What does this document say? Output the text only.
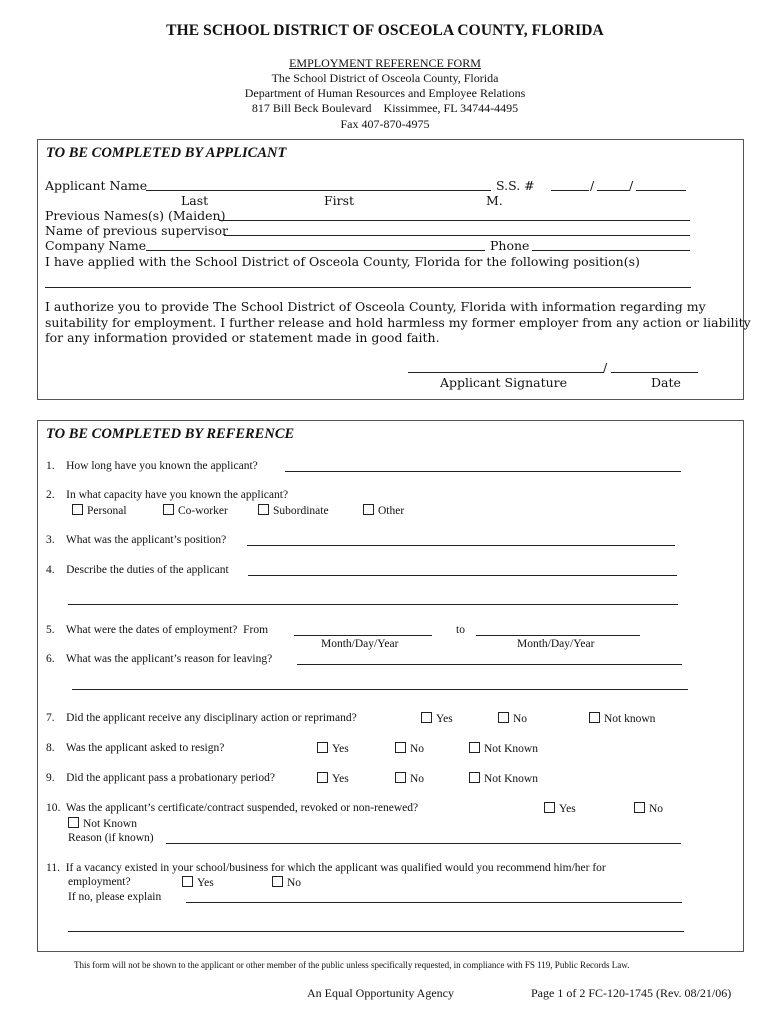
THE SCHOOL DISTRICT OF OSCEOLA COUNTY, FLORIDA
EMPLOYMENT REFERENCE FORM
The School District of Osceola County, Florida
Department of Human Resources and Employee Relations
817 Bill Beck Boulevard    Kissimmee, FL 34744-4495
Fax 407-870-4975
TO BE COMPLETED BY APPLICANT
Applicant Name	S.S. #	/	/
Last	First	M.
Previous Names(s) (Maiden)
Name of previous supervisor
Company Name	Phone
I have applied with the School District of Osceola County, Florida for the following position(s)
I authorize you to provide The School District of Osceola County, Florida with information regarding my
suitability for employment. I further release and hold harmless my former employer from any action or liability
for any information provided or statement made in good faith.
/
Applicant Signature	Date
TO BE COMPLETED BY REFERENCE
1.    How long have you known the applicant?
2.    In what capacity have you known the applicant?
Personal	Co-worker	Subordinate	Other
3.    What was the applicant’s position?
4.    Describe the duties of the applicant
5.    What were the dates of employment?  From	to
Month/Day/Year	Month/Day/Year
6.    What was the applicant’s reason for leaving?
7.    Did the applicant receive any disciplinary action or reprimand?	Yes	No	Not known
8.    Was the applicant asked to resign?	Yes	No	Not Known
9.    Did the applicant pass a probationary period?	Yes	No	Not Known
10.  Was the applicant’s certificate/contract suspended, revoked or non-renewed?	Yes	No
Not Known
Reason (if known)
11.  If a vacancy existed in your school/business for which the applicant was qualified would you recommend him/her for
employment?	Yes	No
If no, please explain
This form will not be shown to the applicant or other member of the public unless specifically requested, in compliance with FS 119, Public Records Law.
An Equal Opportunity Agency	Page 1 of 2 FC-120-1745 (Rev. 08/21/06)
